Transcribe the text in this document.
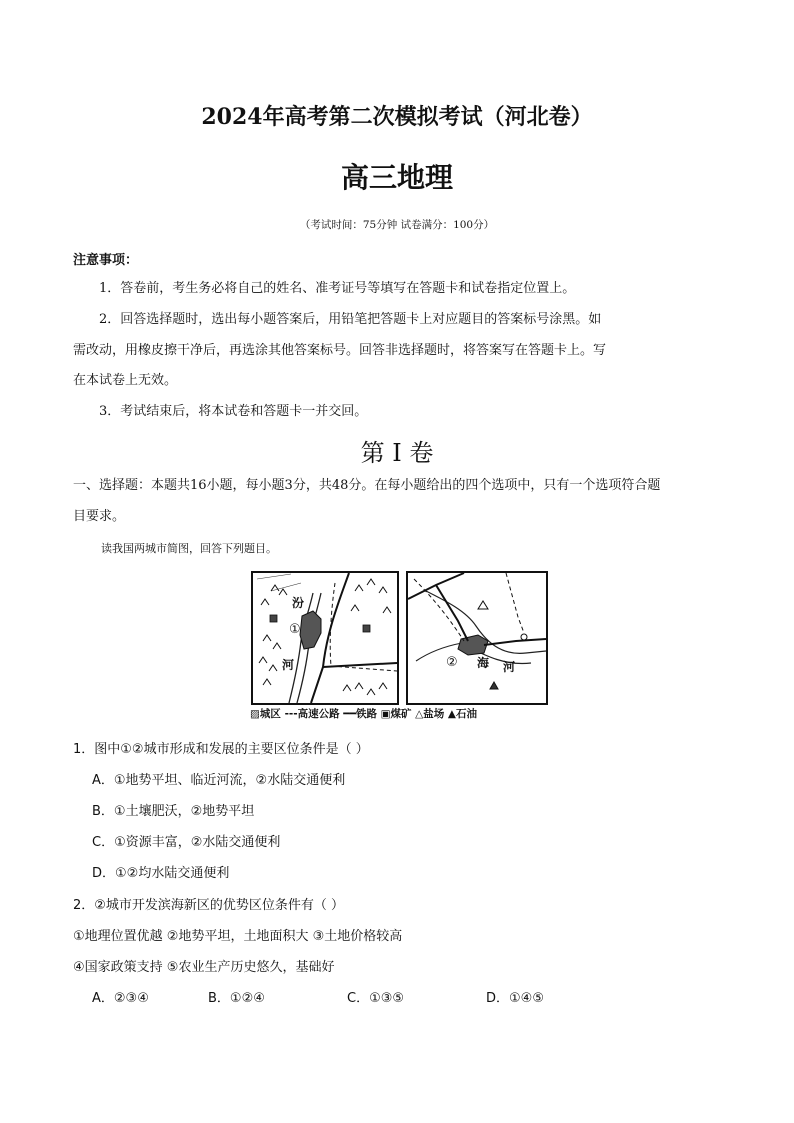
2024年高考第二次模拟考试（河北卷）
高三地理
（考试时间：75分钟 试卷满分：100分）
注意事项：
1．答卷前，考生务必将自己的姓名、准考证号等填写在答题卡和试卷指定位置上。
2．回答选择题时，选出每小题答案后，用铅笔把答题卡上对应题目的答案标号涂黑。如
需改动，用橡皮擦干净后，再选涂其他答案标号。回答非选择题时，将答案写在答题卡上。写
在本试卷上无效。
3．考试结束后，将本试卷和答题卡一并交回。
第 I 卷
一、选择题：本题共16小题，每小题3分，共48分。在每小题给出的四个选项中，只有一个选项符合题
目要求。
读我国两城市简图，回答下列题目。
①
汾
河	② 海 河
▨城区 ---高速公路 ━━铁路 ▣煤矿 △盐场 ▲石油
1．图中①②城市形成和发展的主要区位条件是（ ）
A．①地势平坦、临近河流，②水陆交通便利
B．①土壤肥沃，②地势平坦
C．①资源丰富，②水陆交通便利
D．①②均水陆交通便利
2．②城市开发滨海新区的优势区位条件有（ ）
①地理位置优越 ②地势平坦，土地面积大 ③土地价格较高
④国家政策支持 ⑤农业生产历史悠久，基础好
A．②③④	B．①②④	C．①③⑤	D．①④⑤
